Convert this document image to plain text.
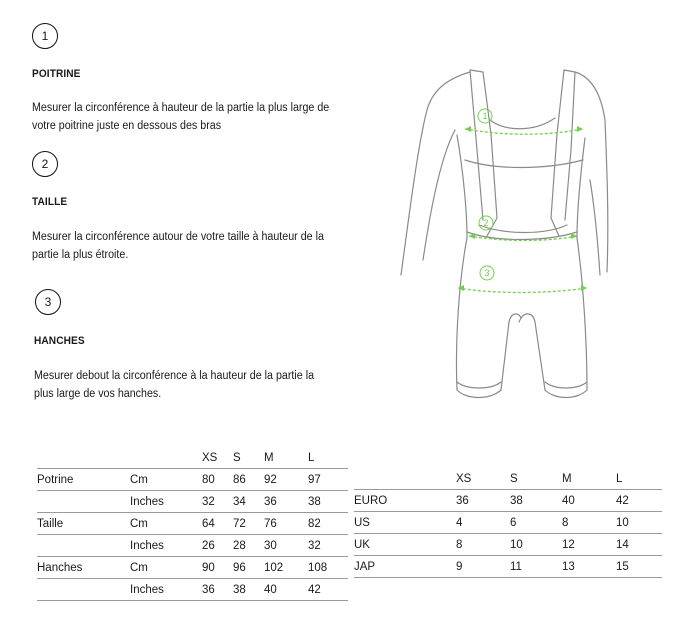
1
POITRINE
Mesurer la circonférence à hauteur de la partie la plus large de
votre poitrine juste en dessous des bras
2
TAILLE
Mesurer la circonférence autour de votre taille à hauteur de la
partie la plus étroite.
3
HANCHES
Mesurer debout la circonférence à la hauteur de la partie la
plus large de vos hanches.
1
2
3
		XS	S	M	L
Potrine	Cm	80	86	92	97
	Inches	32	34	36	38
Taille	Cm	64	72	76	82
	Inches	26	28	30	32
Hanches	Cm	90	96	102	108
	Inches	36	38	40	42
	XS	S	M	L
EURO	36	38	40	42
US	4	6	8	10
UK	8	10	12	14
JAP	9	11	13	15
